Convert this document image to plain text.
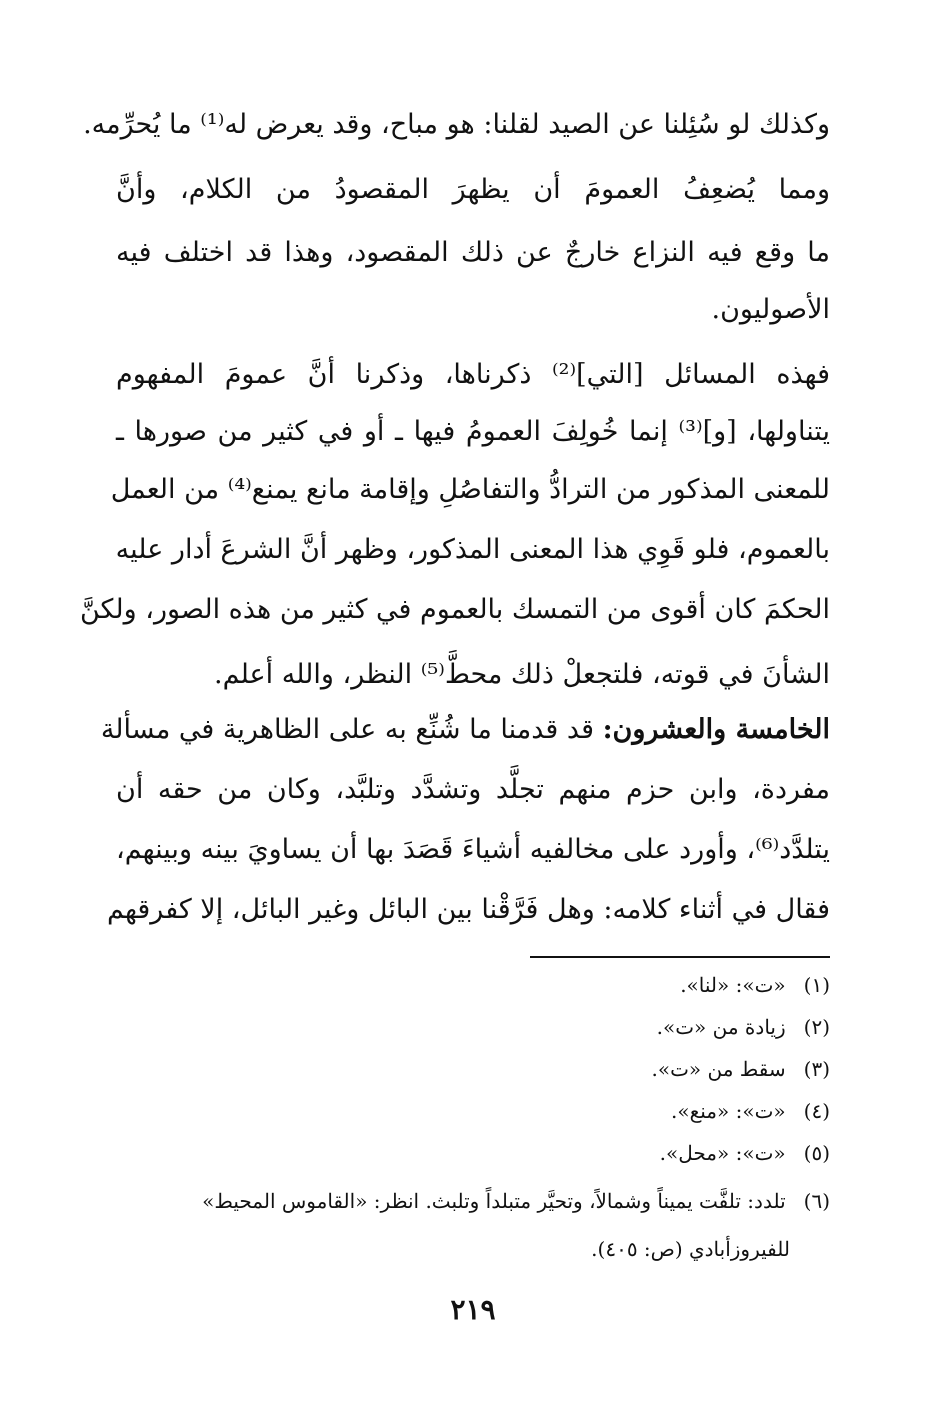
وكذلك لو سُئِلنا عن الصيد لقلنا: هو مباح، وقد يعرض له⁽¹⁾ ما يُحرِّمه.
ومما يُضعِفُ العمومَ أن يظهرَ المقصودُ من الكلام، وأنَّ
ما وقع فيه النزاع خارجٌ عن ذلك المقصود، وهذا قد اختلف فيه
الأصوليون.
فهذه المسائل [التي]⁽²⁾ ذكرناها، وذكرنا أنَّ عمومَ المفهوم
يتناولها، [و]⁽³⁾ إنما خُولِفَ العمومُ فيها ـ أو في كثير من صورها ـ
للمعنى المذكور من الترادُّ والتفاصُلِ وإقامة مانع يمنع⁽⁴⁾ من العمل
بالعموم، فلو قَوِي هذا المعنى المذكور، وظهر أنَّ الشرعَ أدار عليه
الحكمَ كان أقوى من التمسك بالعموم في كثير من هذه الصور، ولكنَّ
الشأنَ في قوته، فلتجعلْ ذلك محطَّ⁽⁵⁾ النظر، والله أعلم.
الخامسة والعشرون: قد قدمنا ما شُنِّع به على الظاهرية في مسألة
مفردة، وابن حزم منهم تجلَّد وتشدَّد وتلبَّد، وكان من حقه أن
يتلدَّد⁽⁶⁾، وأورد على مخالفيه أشياءَ قَصَدَ بها أن يساويَ بينه وبينهم،
فقال في أثناء كلامه: وهل فَرَّقْنا بين البائل وغير البائل، إلا كفرقهم
(١) «ت»: «لنا».
(٢) زيادة من «ت».
(٣) سقط من «ت».
(٤) «ت»: «منع».
(٥) «ت»: «محل».
(٦) تلدد: تلفَّت يميناً وشمالاً، وتحيَّر متبلداً وتلبث. انظر: «القاموس المحيط»
للفيروزأبادي (ص: ٤٠٥).
٢١٩
